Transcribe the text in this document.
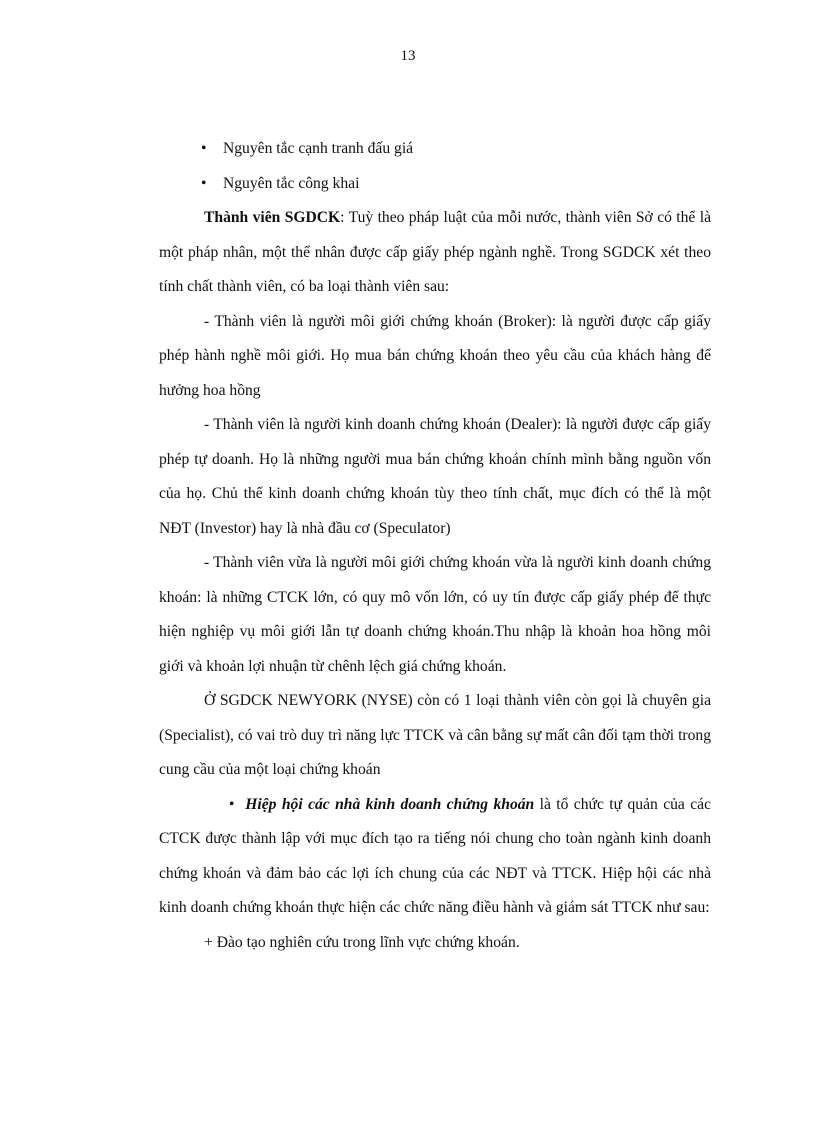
13
• Nguyên tắc cạnh tranh đấu giá
• Nguyên tắc công khai

Thành viên SGDCK: Tuỳ theo pháp luật của mỗi nước, thành viên Sở có thể là một pháp nhân, một thể nhân được cấp giấy phép ngành nghề. Trong SGDCK xét theo tính chất thành viên, có ba loại thành viên sau:

- Thành viên là người môi giới chứng khoán (Broker): là người được cấp giấy phép hành nghề môi giới. Họ mua bán chứng khoán theo yêu cầu của khách hàng để hưởng hoa hồng

- Thành viên là người kinh doanh chứng khoán (Dealer): là người được cấp giấy phép tự doanh. Họ là những người mua bán chứng khoán chính mình bằng nguồn vốn của họ. Chủ thể kinh doanh chứng khoán tùy theo tính chất, mục đích có thể là một NĐT (Investor) hay là nhà đầu cơ (Speculator)

- Thành viên vừa là người môi giới chứng khoán vừa là người kinh doanh chứng khoán: là những CTCK lớn, có quy mô vốn lớn, có uy tín được cấp giấy phép để thực hiện nghiệp vụ môi giới lẫn tự doanh chứng khoán.Thu nhập là khoản hoa hồng môi giới và khoản lợi nhuận từ chênh lệch giá chứng khoán.

Ở SGDCK NEWYORK (NYSE) còn có 1 loại thành viên còn gọi là chuyên gia (Specialist), có vai trò duy trì năng lực TTCK và cân bằng sự mất cân đối tạm thời trong cung cầu của một loại chứng khoán

• Hiệp hội các nhà kinh doanh chứng khoán là tổ chức tự quản của các CTCK được thành lập với mục đích tạo ra tiếng nói chung cho toàn ngành kinh doanh chứng khoán và đảm bảo các lợi ích chung của các NĐT và TTCK. Hiệp hội các nhà kinh doanh chứng khoán thực hiện các chức năng điều hành và giám sát TTCK như sau:

+ Đào tạo nghiên cứu trong lĩnh vực chứng khoán.
